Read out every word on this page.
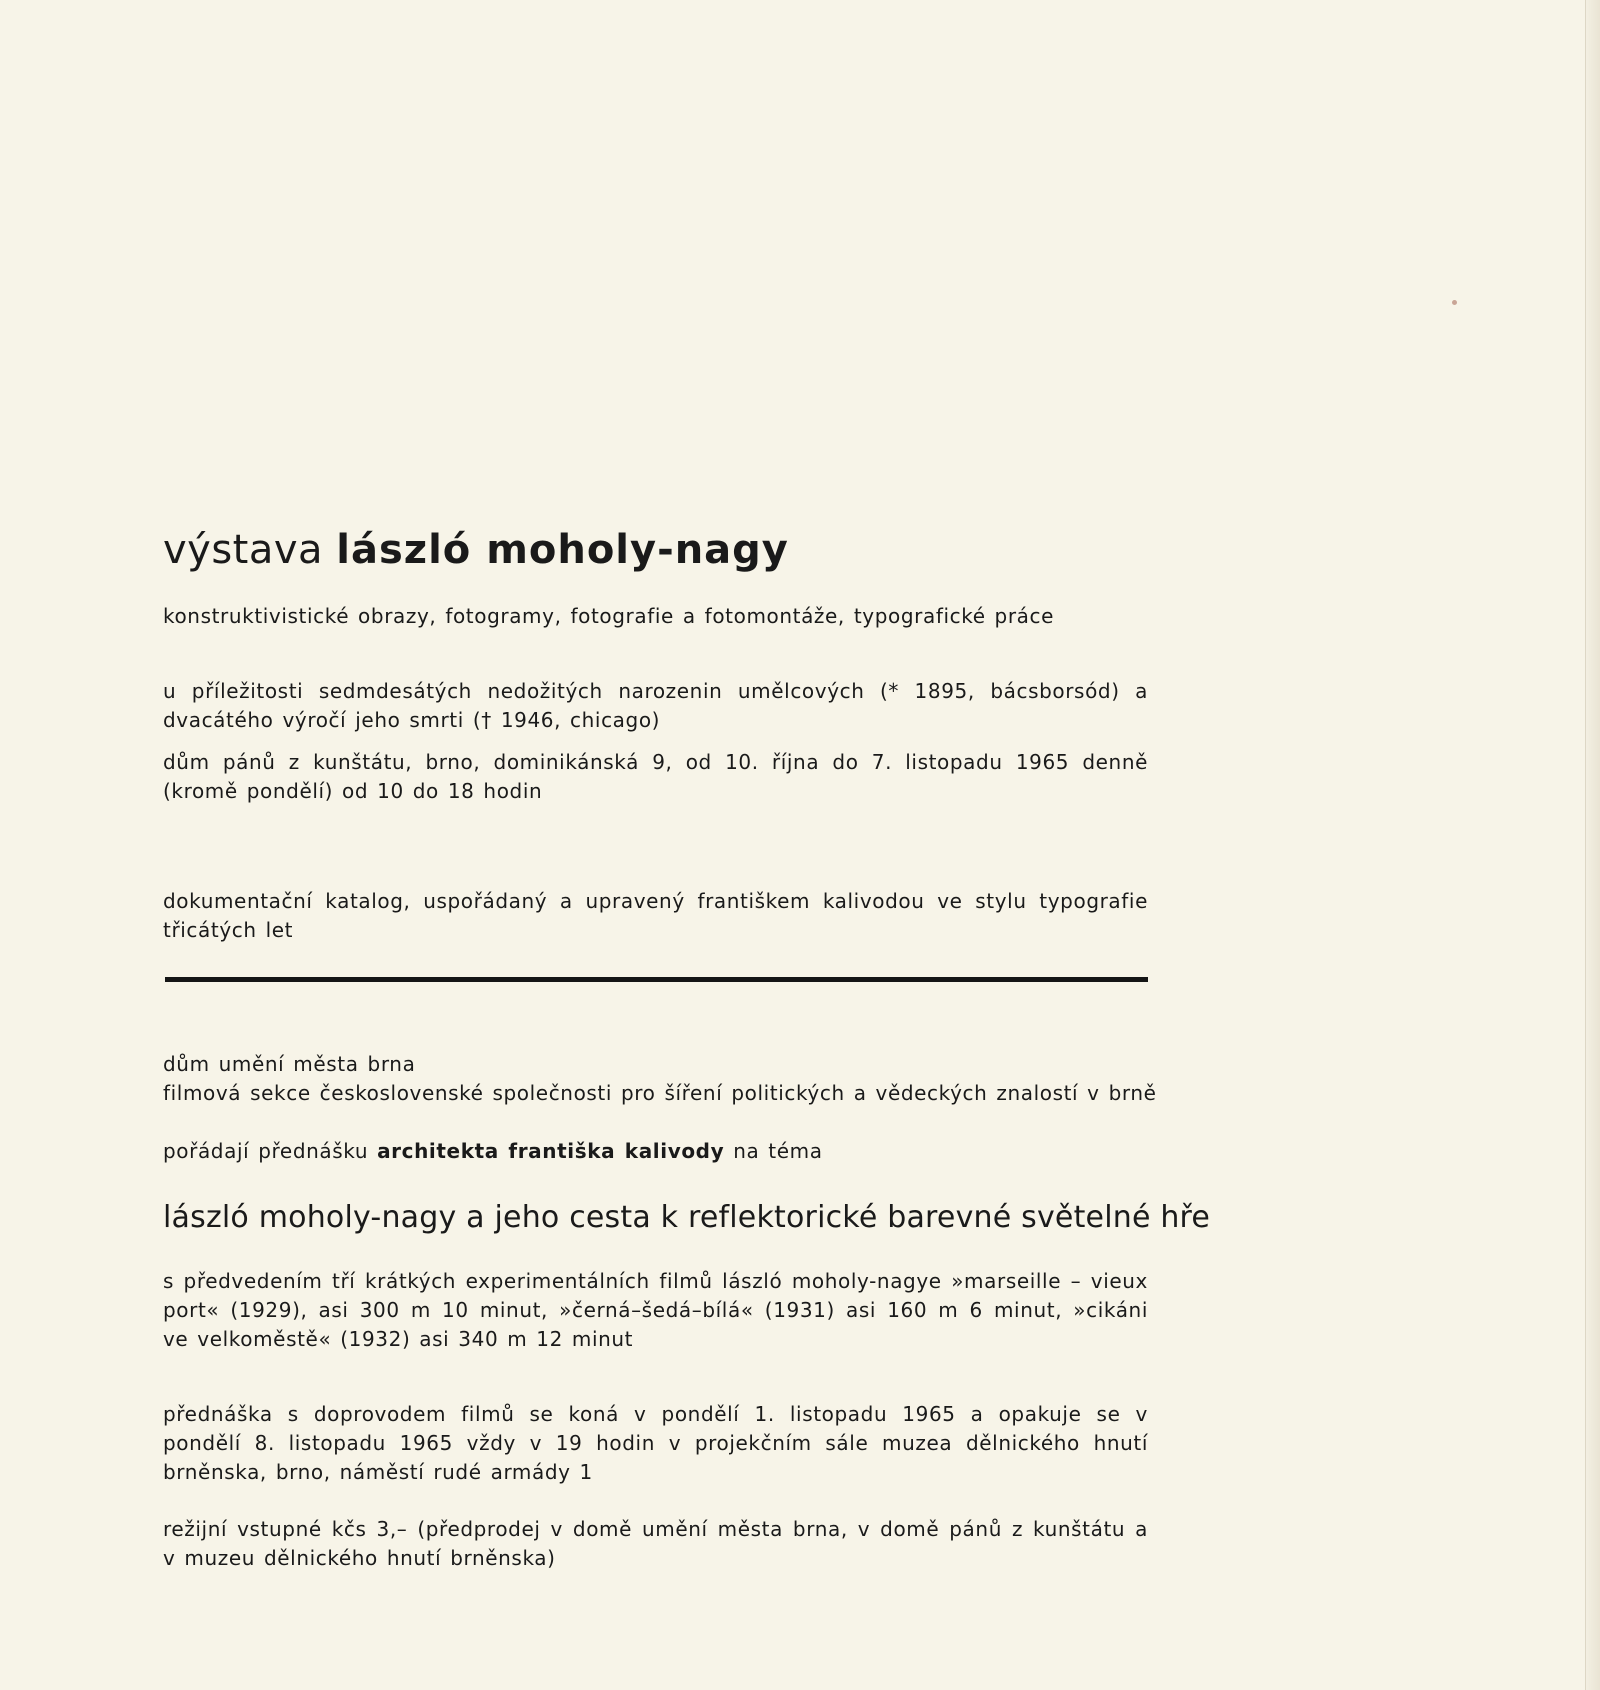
výstava lászló moholy-nagy
konstruktivistické obrazy, fotogramy, fotografie a fotomontáže, typografické práce
u příležitosti sedmdesátých nedožitých narozenin umělcových (* 1895, bácsborsód) a dvacátého výročí jeho smrti († 1946, chicago)
dům pánů z kunštátu, brno, dominikánská 9, od 10. října do 7. listopadu 1965 denně (kromě pondělí) od 10 do 18 hodin
dokumentační katalog, uspořádaný a upravený františkem kalivodou ve stylu typografie třicátých let
dům umění města brna
filmová sekce československé společnosti pro šíření politických a vědeckých znalostí v brně
pořádají přednášku architekta františka kalivody na téma
lászló moholy-nagy a jeho cesta k reflektorické barevné světelné hře
s předvedením tří krátkých experimentálních filmů lászló moholy-nagye »marseille – vieux port« (1929), asi 300 m 10 minut, »černá–šedá–bílá« (1931) asi 160 m 6 minut, »cikáni ve velkoměstě« (1932) asi 340 m 12 minut
přednáška s doprovodem filmů se koná v pondělí 1. listopadu 1965 a opakuje se v pondělí 8. listopadu 1965 vždy v 19 hodin v projekčním sále muzea dělnického hnutí brněnska, brno, náměstí rudé armády 1
režijní vstupné kčs 3,– (předprodej v domě umění města brna, v domě pánů z kunštátu a v muzeu dělnického hnutí brněnska)
